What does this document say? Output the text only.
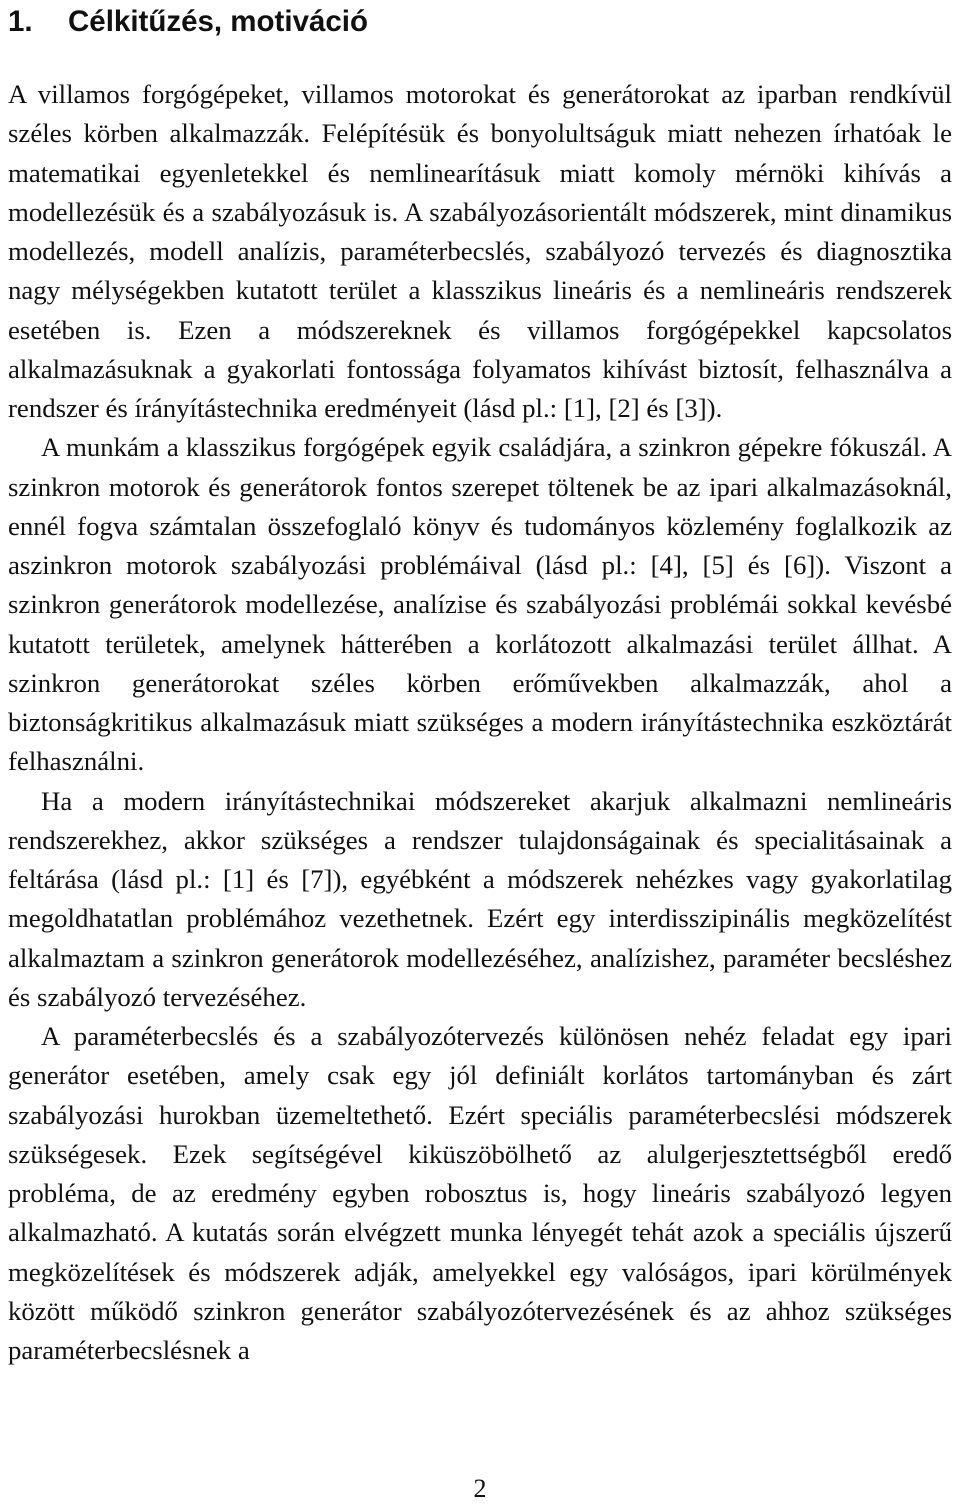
1. Célkitűzés, motiváció

A villamos forgógépeket, villamos motorokat és generátorokat az iparban rendkívül széles körben alkalmazzák. Felépítésük és bonyolultságuk miatt nehezen írhatóak le matematikai egyenletekkel és nemlinearításuk miatt komoly mérnöki kihívás a modellezésük és a szabályozásuk is. A szabályozásorientált módszerek, mint dinamikus modellezés, modell analízis, paraméterbecslés, szabályozó tervezés és diagnosztika nagy mélységekben kutatott terület a klasszikus lineáris és a nemlineáris rendszerek esetében is. Ezen a módszereknek és villamos forgógépekkel kapcsolatos alkalmazásuknak a gyakorlati fontossága folyamatos kihívást biztosít, felhasználva a rendszer és írányítástechnika eredményeit (lásd pl.: [1], [2] és [3]).

A munkám a klasszikus forgógépek egyik családjára, a szinkron gépekre fókuszál. A szinkron motorok és generátorok fontos szerepet töltenek be az ipari alkalmazásoknál, ennél fogva számtalan összefoglaló könyv és tudományos közlemény foglalkozik az aszinkron motorok szabályozási problémáival (lásd pl.: [4], [5] és [6]). Viszont a szinkron generátorok modellezése, analízise és szabályozási problémái sokkal kevésbé kutatott területek, amelynek hátterében a korlátozott alkalmazási terület állhat. A szinkron generátorokat széles körben erőművekben alkalmazzák, ahol a biztonságkritikus alkalmazásuk miatt szükséges a modern irányítástechnika eszköztárát felhasználni.

Ha a modern irányítástechnikai módszereket akarjuk alkalmazni nemlineáris rendszerekhez, akkor szükséges a rendszer tulajdonságainak és specialitásainak a feltárása (lásd pl.: [1] és [7]), egyébként a módszerek nehézkes vagy gyakorlatilag megoldhatatlan problémához vezethetnek. Ezért egy interdisszipinális megközelítést alkalmaztam a szinkron generátorok modellezéséhez, analízishez, paraméter becsléshez és szabályozó tervezéséhez.

A paraméterbecslés és a szabályozótervezés különösen nehéz feladat egy ipari generátor esetében, amely csak egy jól definiált korlátos tartományban és zárt szabályozási hurokban üzemeltethető. Ezért speciális paraméterbecslési módszerek szükségesek. Ezek segítségével kiküszöbölhető az alulgerjesztettségből eredő probléma, de az eredmény egyben robosztus is, hogy lineáris szabályozó legyen alkalmazható. A kutatás során elvégzett munka lényegét tehát azok a speciális újszerű megközelítések és módszerek adják, amelyekkel egy valóságos, ipari körülmények között működő szinkron generátor szabályozótervezésének és az ahhoz szükséges paraméterbecslésnek a

2
